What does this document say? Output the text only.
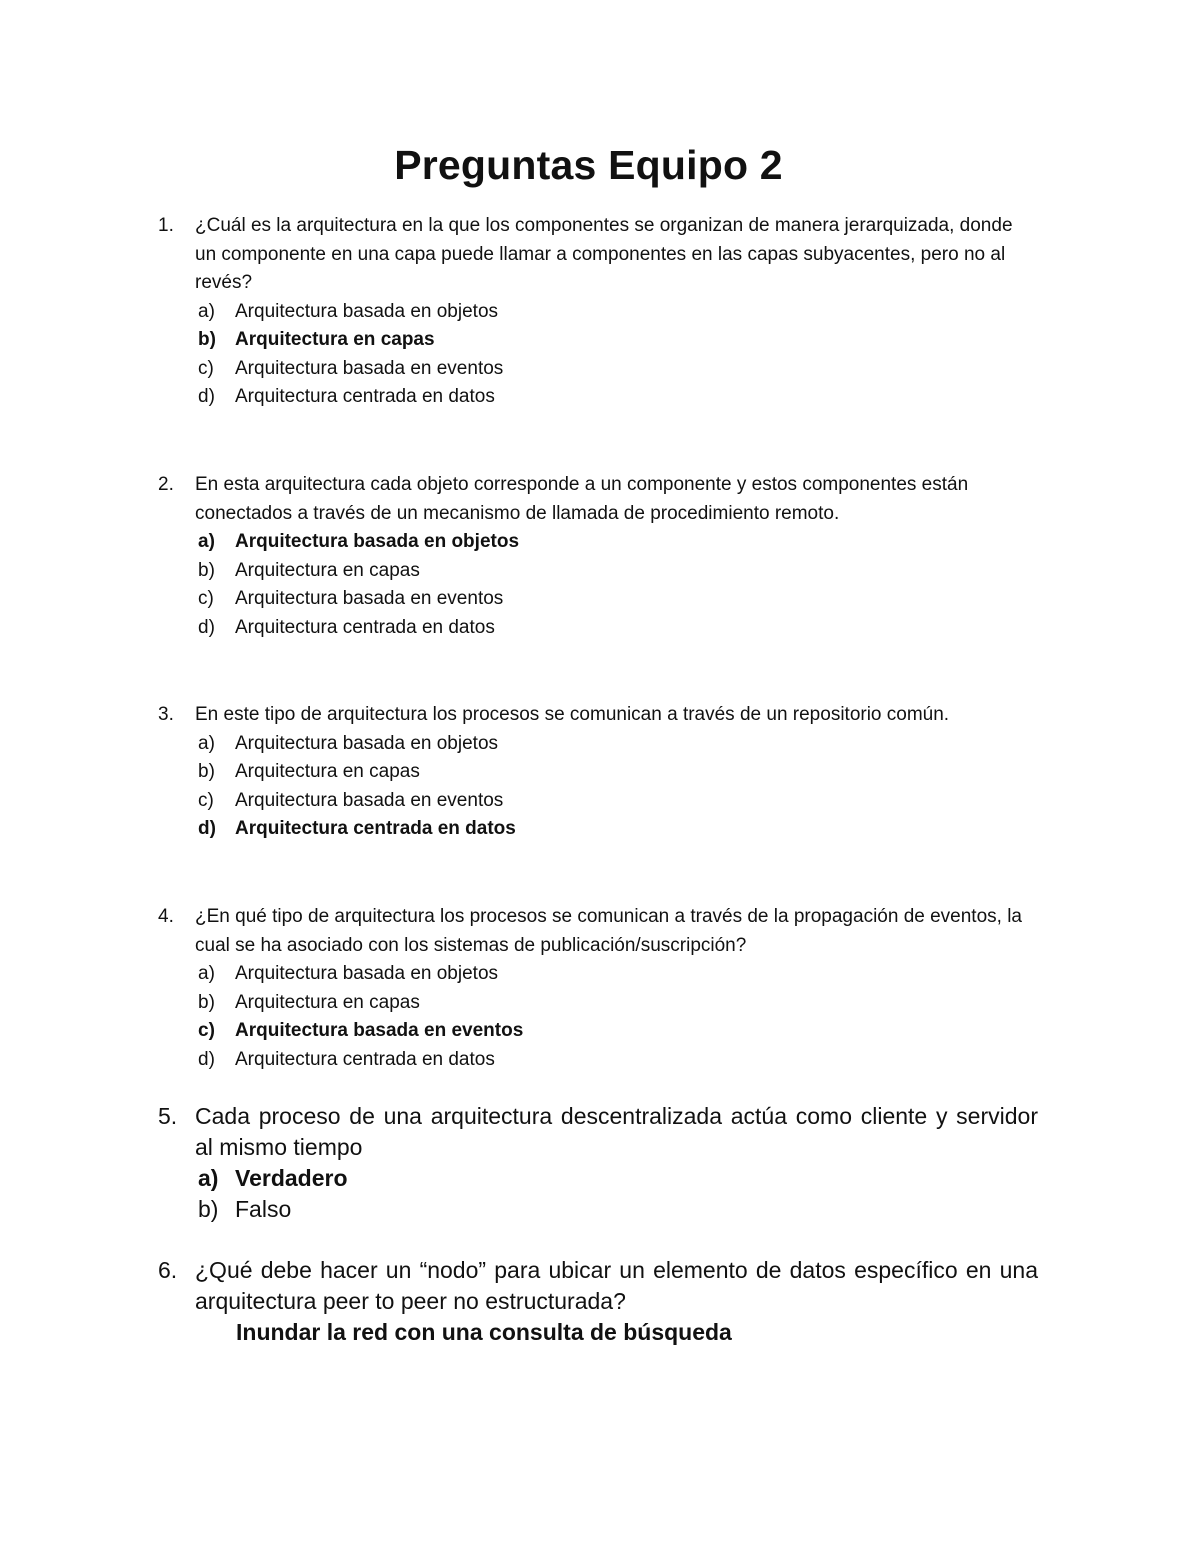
Preguntas Equipo 2
1.	¿Cuál es la arquitectura en la que los componentes se organizan de manera jerarquizada, donde un componente en una capa puede llamar a componentes en las capas subyacentes, pero no al revés?
a)	Arquitectura basada en objetos
b)	Arquitectura en capas
c)	Arquitectura basada en eventos
d)	Arquitectura centrada en datos
2.	En esta arquitectura cada objeto corresponde a un componente y estos componentes están conectados a través de un mecanismo de llamada de procedimiento remoto.
a)	Arquitectura basada en objetos
b)	Arquitectura en capas
c)	Arquitectura basada en eventos
d)	Arquitectura centrada en datos
3.	En este tipo de arquitectura los procesos se comunican a través de un repositorio común.
a)	Arquitectura basada en objetos
b)	Arquitectura en capas
c)	Arquitectura basada en eventos
d)	Arquitectura centrada en datos
4.	¿En qué tipo de arquitectura los procesos se comunican a través de la propagación de eventos, la cual se ha asociado con los sistemas de publicación/suscripción?
a)	Arquitectura basada en objetos
b)	Arquitectura en capas
c)	Arquitectura basada en eventos
d)	Arquitectura centrada en datos
5. Cada proceso de una arquitectura descentralizada actúa como cliente y servidor al mismo tiempo
a) Verdadero
b) Falso
6. ¿Qué debe hacer un “nodo” para ubicar un elemento de datos específico en una arquitectura peer to peer no estructurada?
Inundar la red con una consulta de búsqueda
